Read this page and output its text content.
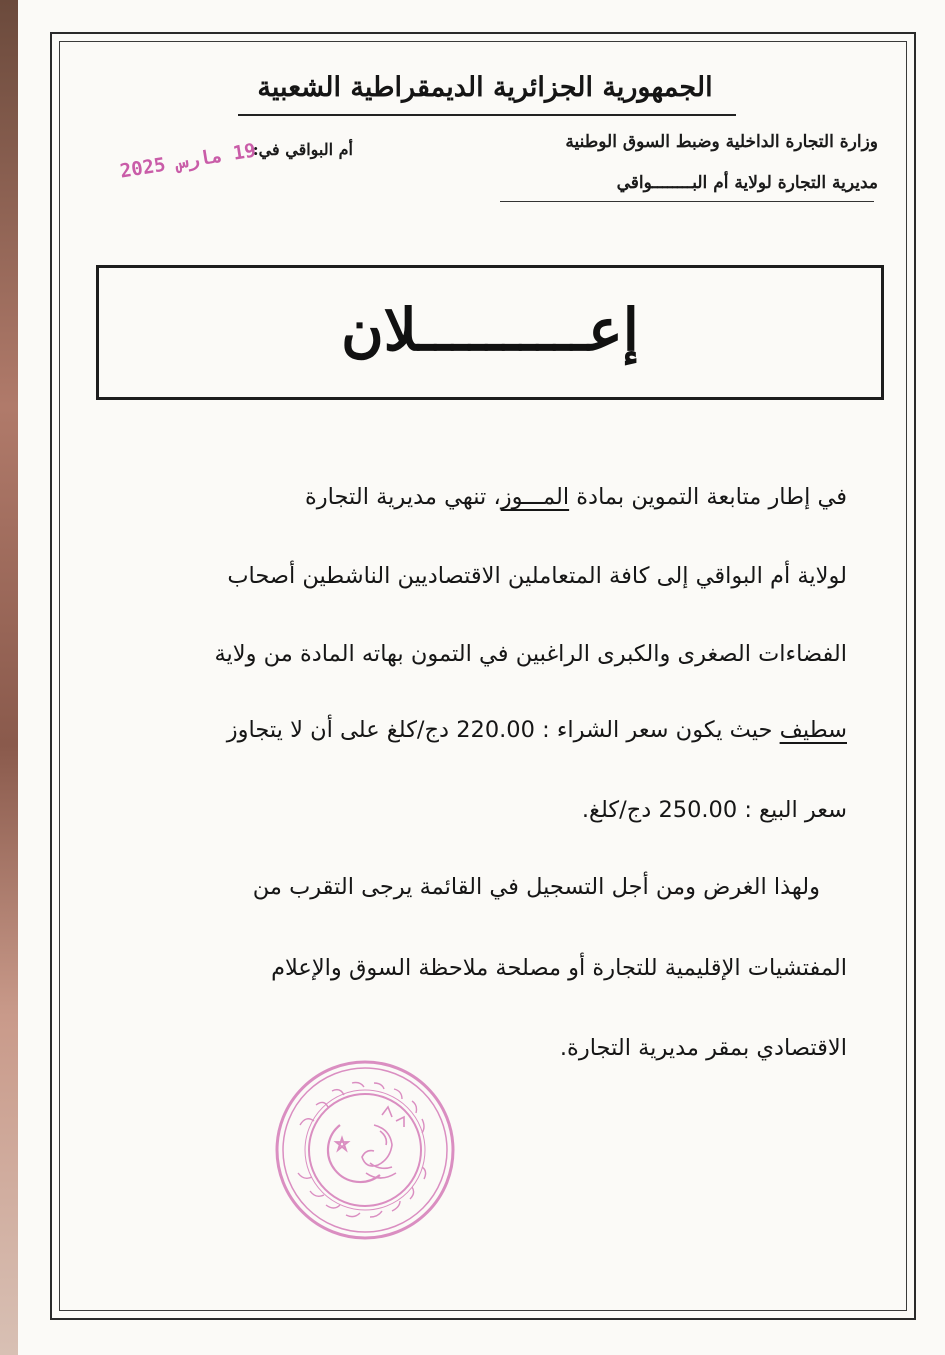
الجمهورية الجزائرية الديمقراطية الشعبية
وزارة التجارة الداخلية وضبط السوق الوطنية
مديرية التجارة لولاية أم البــــــــواقي
أم البواقي في:
19 مارس 2025
إعــــــــــلان
في إطار متابعة التموين بمادة المـــوز، تنهي مديرية التجارة
لولاية أم البواقي إلى كافة المتعاملين الاقتصاديين الناشطين أصحاب
الفضاءات الصغرى والكبرى الراغبين في التمون بهاته المادة من ولاية
سطيف حيث يكون سعر الشراء : 220.00 دج/كلغ على أن لا يتجاوز
سعر البيع : 250.00 دج/كلغ.
ولهذا الغرض ومن أجل التسجيل في القائمة يرجى التقرب من
المفتشيات الإقليمية للتجارة أو مصلحة ملاحظة السوق والإعلام
الاقتصادي بمقر مديرية التجارة.
